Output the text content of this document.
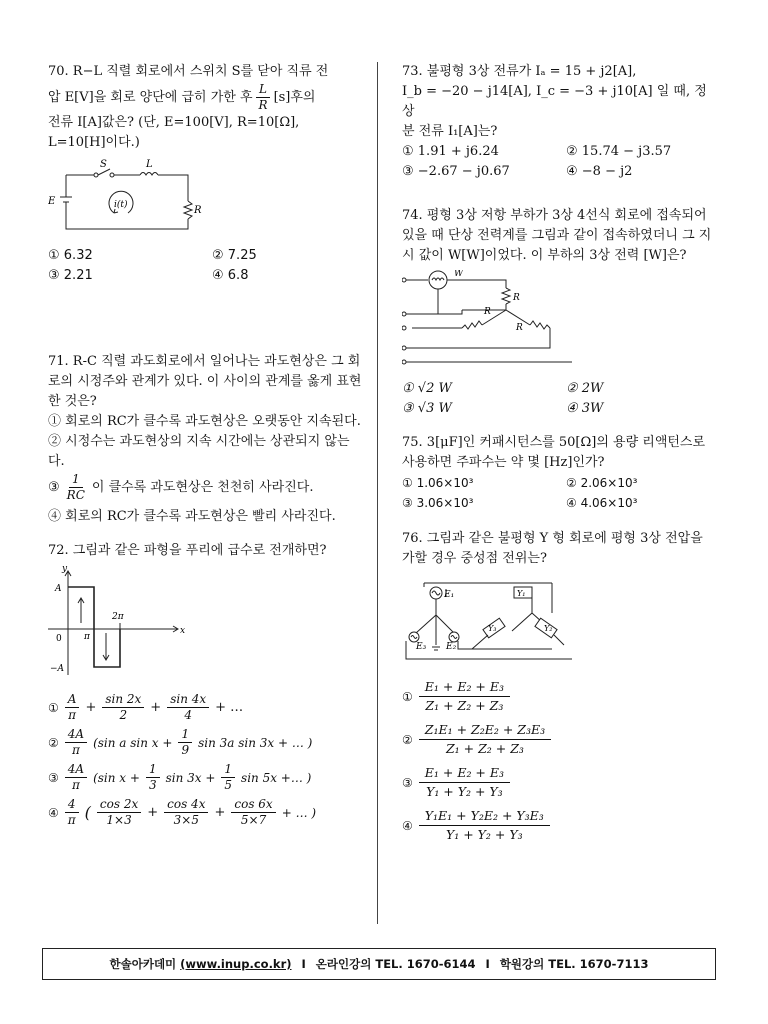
70. R−L 직렬 회로에서 스위치 S를 닫아 직류 전
압 E[V]을 회로 양단에 급히 가한 후 $\frac{L}{R} [s]$후의
전류 I[A]값은? (단, E=100[V], R=10[Ω],
L=10[H]이다.)
S	L
E	i(t)	R
① 6.32	② 7.25
③ 2.21	④ 6.8
71. R-C 직렬 과도회로에서 일어나는 과도현상은 그 회로의 시정주와 관계가 있다. 이 사이의 관계를 옳게 표현한 것은?
① 회로의 RC가 클수록 과도현상은 오랫동안 지속된다.
② 시정수는 과도현상의 지속 시간에는 상관되지 않는다.
③ $\frac{1}{RC}$ 이 클수록 과도현상은 천천히 사라진다.
④ 회로의 RC가 클수록 과도현상은 빨리 사라진다.
72. 그림과 같은 파형을 푸리에 급수로 전개하면?
y
A
−A
0 π
2π
x
① $\frac{A}{\pi} + \frac{\sin 2x}{2} + \frac{\sin 4x}{4}$ + …
② $\frac{4A}{\pi} (\sin$ a $\sin x + \frac{1}{9}$ sin 3a sin 3x + … )
③ $\frac{4A}{\pi} (\sin$ $x + \frac{1}{3}$ $\sin 3x + \frac{1}{5}$ sin 5x +… )
④ $\frac{4}{\pi}$ ( $\frac{\cos 2x}{1\times 3} + \frac{\cos 4x}{3\times 5} + \frac{\cos 6x}{5\times 7}$ + … )
73. 불평형 3상 전류가 Iₐ = 15 + j2[A],
I_b = −20 − j14[A], I_c = −3 + j10[A] 일 때, 정상
분 전류 I₁[A]는?
① 1.91 + j6.24	② 15.74 − j3.57
③ −2.67 − j0.67	④ −8 − j2
74. 평형 3상 저항 부하가 3상 4선식 회로에 접속되어 있을 때 단상 전력계를 그림과 같이 접속하였더니 그 지시 값이 W[W]이었다. 이 부하의 3상 전력 [W]은?
W
R
R
R
① √2 W	② 2W
③ √3 W	④ 3W
75. 3[μF]인 커패시턴스를 50[Ω]의 용량 리액턴스로 사용하면 주파수는 약 몇 [Hz]인가?
① 1.06×10³	② 2.06×10³
③ 3.06×10³	④ 4.06×10³
76. 그림과 같은 불평형 Y 형 회로에 평형 3상 전압을 가할 경우 중성점 전위는?
E₁
E₂
E₃
Y₁
Y₂
Y₃
① $\frac{\text{E₁ + E₂ + E₃}}{\text{Z₁ + Z₂ + Z₃}}$
② $\frac{\text{Z₁E₁ + Z₂E₂ + Z₃E₃}}{\text{Z₁ + Z₂ + Z₃}}$
③ $\frac{\text{E₁ + E₂ + E₃}}{\text{Y₁ + Y₂ + Y₃}}$
④ $\frac{\text{Y₁E₁ + Y₂E₂ + Y₃E₃}}{\text{Y₁ + Y₂ + Y₃}}$
한솔아카데미 (www.inup.co.kr) I 온라인강의 TEL. 1670-6144 I 학원강의 TEL. 1670-7113
